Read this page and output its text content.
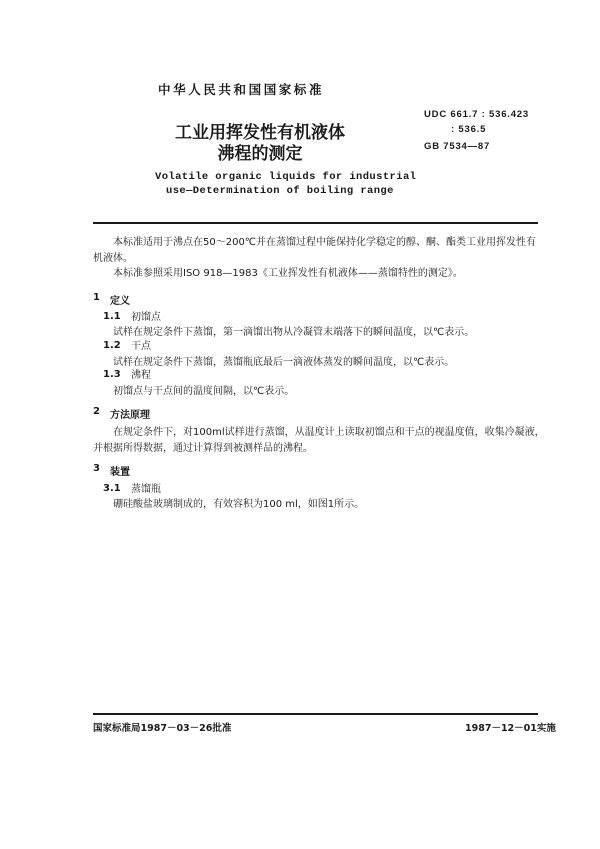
中华人民共和国国家标准
UDC 661.7 : 536.423
: 536.5
GB 7534—87
工业用挥发性有机液体
沸程的测定
Volatile organic liquids for industrial
use—Determination of boiling range
本标准适用于沸点在50～200℃并在蒸馏过程中能保持化学稳定的醇、酮、酯类工业用挥发性有
机液体。
本标准参照采用ISO 918—1983《工业挥发性有机液体——蒸馏特性的测定》。
1 定义
1.1 初馏点
试样在规定条件下蒸馏，第一滴馏出物从冷凝管末端落下的瞬间温度，以℃表示。
1.2 干点
试样在规定条件下蒸馏，蒸馏瓶底最后一滴液体蒸发的瞬间温度，以℃表示。
1.3 沸程
初馏点与干点间的温度间隔，以℃表示。
2 方法原理
在规定条件下，对100ml试样进行蒸馏，从温度计上读取初馏点和干点的视温度值，收集冷凝液，
并根据所得数据，通过计算得到被测样品的沸程。
3 装置
3.1 蒸馏瓶
硼硅酸盐玻璃制成的，有效容积为100 ml，如图1所示。
国家标准局1987－03－26批准	1987－12－01实施
